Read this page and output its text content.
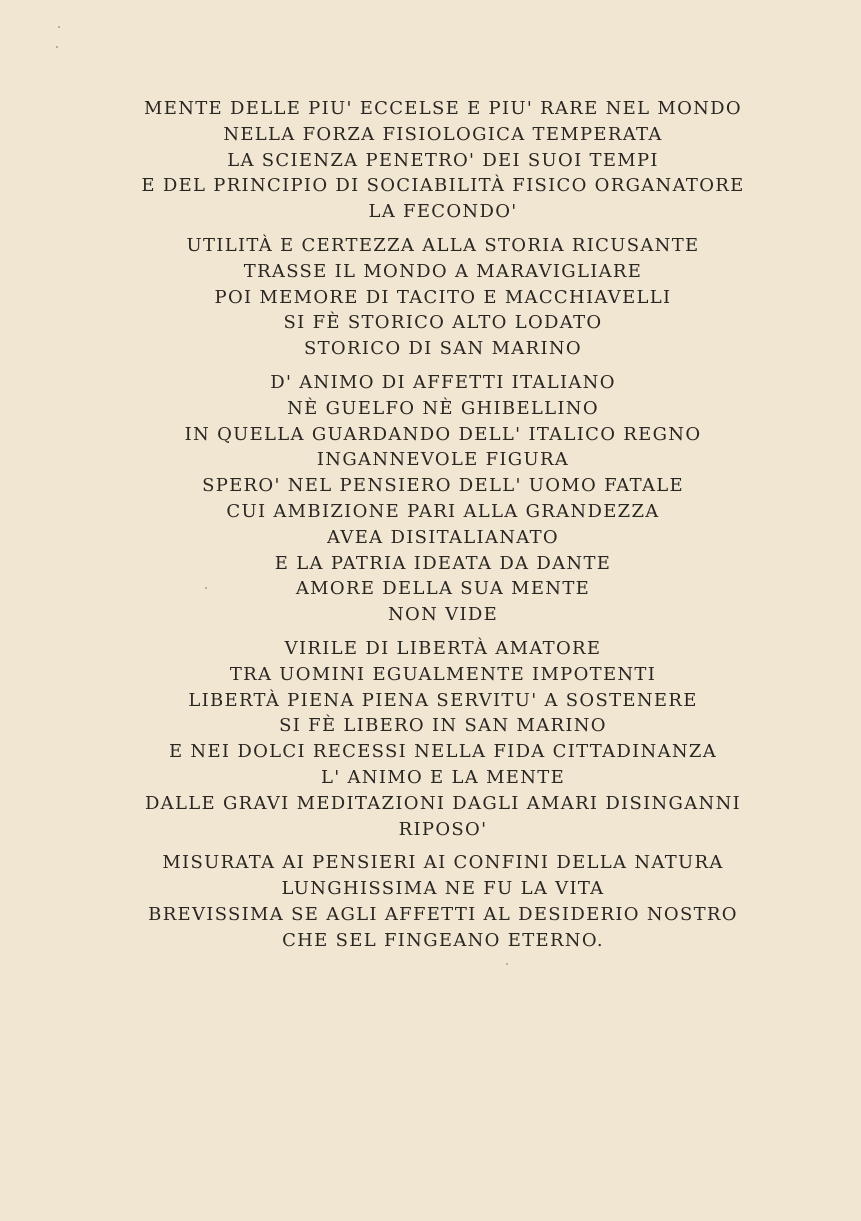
MENTE DELLE PIU' ECCELSE E PIU' RARE NEL MONDO
NELLA FORZA FISIOLOGICA TEMPERATA
LA SCIENZA PENETRO' DEI SUOI TEMPI
E DEL PRINCIPIO DI SOCIABILITÀ FISICO ORGANATORE
LA FECONDO'
UTILITÀ E CERTEZZA ALLA STORIA RICUSANTE
TRASSE IL MONDO A MARAVIGLIARE
POI MEMORE DI TACITO E MACCHIAVELLI
SI FÈ STORICO ALTO LODATO
STORICO DI SAN MARINO
D' ANIMO DI AFFETTI ITALIANO
NÈ GUELFO NÈ GHIBELLINO
IN QUELLA GUARDANDO DELL' ITALICO REGNO
INGANNEVOLE FIGURA
SPERO' NEL PENSIERO DELL' UOMO FATALE
CUI AMBIZIONE PARI ALLA GRANDEZZA
AVEA DISITALIANATO
E LA PATRIA IDEATA DA DANTE
AMORE DELLA SUA MENTE
NON VIDE
VIRILE DI LIBERTÀ AMATORE
TRA UOMINI EGUALMENTE IMPOTENTI
LIBERTÀ PIENA PIENA SERVITU' A SOSTENERE
SI FÈ LIBERO IN SAN MARINO
E NEI DOLCI RECESSI NELLA FIDA CITTADINANZA
L' ANIMO E LA MENTE
DALLE GRAVI MEDITAZIONI DAGLI AMARI DISINGANNI
RIPOSO'
MISURATA AI PENSIERI AI CONFINI DELLA NATURA
LUNGHISSIMA NE FU LA VITA
BREVISSIMA SE AGLI AFFETTI AL DESIDERIO NOSTRO
CHE SEL FINGEANO ETERNO.
